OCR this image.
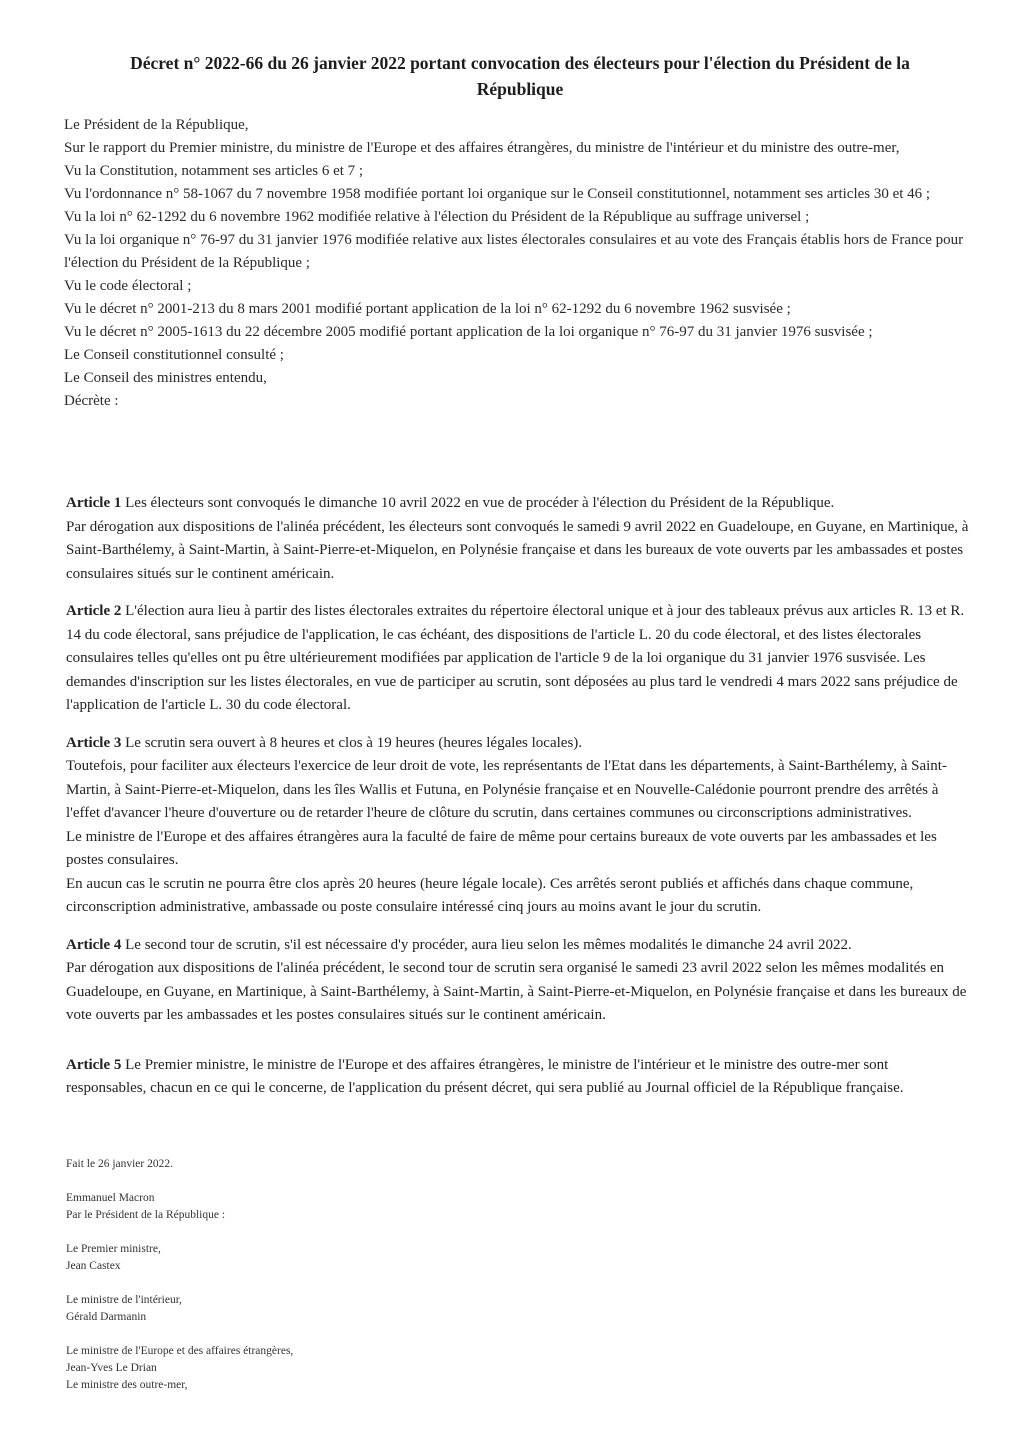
Décret n° 2022-66 du 26 janvier 2022 portant convocation des électeurs pour l'élection du Président de la
République

Le Président de la République,

Sur le rapport du Premier ministre, du ministre de l'Europe et des affaires étrangères, du ministre de l'intérieur et du ministre des outre-mer,

Vu la Constitution, notamment ses articles 6 et 7 ;

Vu l'ordonnance n° 58-1067 du 7 novembre 1958 modifiée portant loi organique sur le Conseil constitutionnel, notamment ses articles 30 et 46 ;

Vu la loi n° 62-1292 du 6 novembre 1962 modifiée relative à l'élection du Président de la République au suffrage universel ;

Vu la loi organique n° 76-97 du 31 janvier 1976 modifiée relative aux listes électorales consulaires et au vote des Français établis hors de France pour l'élection du Président de la République ;

Vu le code électoral ;

Vu le décret n° 2001-213 du 8 mars 2001 modifié portant application de la loi n° 62-1292 du 6 novembre 1962 susvisée ;

Vu le décret n° 2005-1613 du 22 décembre 2005 modifié portant application de la loi organique n° 76-97 du 31 janvier 1976 susvisée ;

Le Conseil constitutionnel consulté ;

Le Conseil des ministres entendu,

Décrète :

Article 1 Les électeurs sont convoqués le dimanche 10 avril 2022 en vue de procéder à l'élection du Président de la République.

Par dérogation aux dispositions de l'alinéa précédent, les électeurs sont convoqués le samedi 9 avril 2022 en Guadeloupe, en Guyane, en Martinique, à Saint-Barthélemy, à Saint-Martin, à Saint-Pierre-et-Miquelon, en Polynésie française et dans les bureaux de vote ouverts par les ambassades et postes consulaires situés sur le continent américain.

Article 2 L'élection aura lieu à partir des listes électorales extraites du répertoire électoral unique et à jour des tableaux prévus aux articles R. 13 et R. 14 du code électoral, sans préjudice de l'application, le cas échéant, des dispositions de l'article L. 20 du code électoral, et des listes électorales consulaires telles qu'elles ont pu être ultérieurement modifiées par application de l'article 9 de la loi organique du 31 janvier 1976 susvisée. Les demandes d'inscription sur les listes électorales, en vue de participer au scrutin, sont déposées au plus tard le vendredi 4 mars 2022 sans préjudice de l'application de l'article L. 30 du code électoral.

Article 3 Le scrutin sera ouvert à 8 heures et clos à 19 heures (heures légales locales).

Toutefois, pour faciliter aux électeurs l'exercice de leur droit de vote, les représentants de l'Etat dans les départements, à Saint-Barthélemy, à Saint-Martin, à Saint-Pierre-et-Miquelon, dans les îles Wallis et Futuna, en Polynésie française et en Nouvelle-Calédonie pourront prendre des arrêtés à l'effet d'avancer l'heure d'ouverture ou de retarder l'heure de clôture du scrutin, dans certaines communes ou circonscriptions administratives.

Le ministre de l'Europe et des affaires étrangères aura la faculté de faire de même pour certains bureaux de vote ouverts par les ambassades et les postes consulaires.

En aucun cas le scrutin ne pourra être clos après 20 heures (heure légale locale). Ces arrêtés seront publiés et affichés dans chaque commune, circonscription administrative, ambassade ou poste consulaire intéressé cinq jours au moins avant le jour du scrutin.

Article 4 Le second tour de scrutin, s'il est nécessaire d'y procéder, aura lieu selon les mêmes modalités le dimanche 24 avril 2022.

Par dérogation aux dispositions de l'alinéa précédent, le second tour de scrutin sera organisé le samedi 23 avril 2022 selon les mêmes modalités en Guadeloupe, en Guyane, en Martinique, à Saint-Barthélemy, à Saint-Martin, à Saint-Pierre-et-Miquelon, en Polynésie française et dans les bureaux de vote ouverts par les ambassades et les postes consulaires situés sur le continent américain.

Article 5 Le Premier ministre, le ministre de l'Europe et des affaires étrangères, le ministre de l'intérieur et le ministre des outre-mer sont responsables, chacun en ce qui le concerne, de l'application du présent décret, qui sera publié au Journal officiel de la République française.

Fait le 26 janvier 2022.

Emmanuel Macron

Par le Président de la République :

Le Premier ministre,

Jean Castex

Le ministre de l'intérieur,

Gérald Darmanin

Le ministre de l'Europe et des affaires étrangères,

Jean-Yves Le Drian

Le ministre des outre-mer,
